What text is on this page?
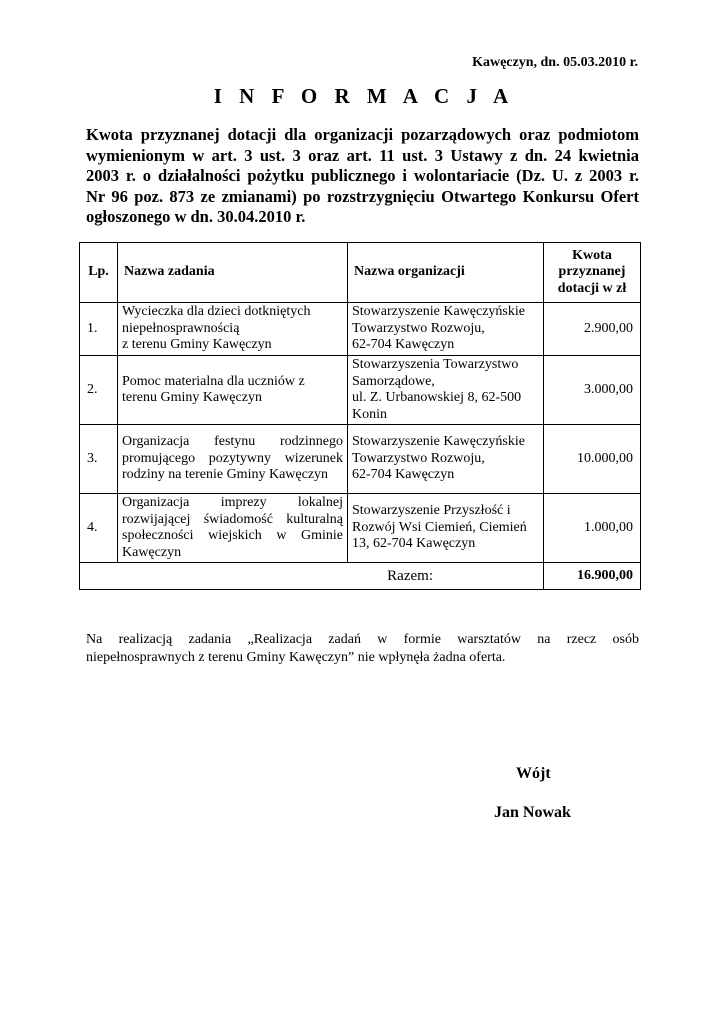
Kawęczyn, dn. 05.03.2010 r.
I N F O R M A C J A
Kwota przyznanej dotacji dla organizacji pozarządowych oraz podmiotom
wymienionym w art. 3 ust. 3 oraz art. 11 ust. 3 Ustawy z dn. 24 kwietnia
2003 r. o działalności pożytku publicznego i wolontariacie (Dz. U. z 2003 r.
Nr 96 poz. 873 ze zmianami) po rozstrzygnięciu Otwartego Konkursu Ofert
ogłoszonego w dn. 30.04.2010 r.
Lp.	Nazwa zadania	Nazwa organizacji	Kwota
przyznanej
dotacji w zł

1.	Wycieczka dla dzieci dotkniętych
niepełnosprawnością
z terenu Gminy Kawęczyn	Stowarzyszenie Kawęczyńskie
Towarzystwo Rozwoju,
62-704 Kawęczyn	2.900,00
2.	Pomoc materialna dla uczniów z
terenu Gminy Kawęczyn	Stowarzyszenia Towarzystwo
Samorządowe,
ul. Z. Urbanowskiej 8, 62-500
Konin	3.000,00
3.	Organizacja festynu rodzinnego
promującego pozytywny wizerunek
rodziny na terenie Gminy Kawęczyn	Stowarzyszenie Kawęczyńskie
Towarzystwo Rozwoju,
62-704 Kawęczyn	10.000,00
4.	Organizacja imprezy lokalnej
rozwijającej świadomość kulturalną
społeczności wiejskich w Gminie
Kawęczyn	Stowarzyszenie Przyszłość i
Rozwój Wsi Ciemień, Ciemień
13, 62-704 Kawęczyn	1.000,00
Razem:			16.900,00
Na realizacją zadania „Realizacja zadań w formie warsztatów na rzecz osób
niepełnosprawnych z terenu Gminy Kawęczyn” nie wpłynęła żadna oferta.
Wójt
Jan Nowak
